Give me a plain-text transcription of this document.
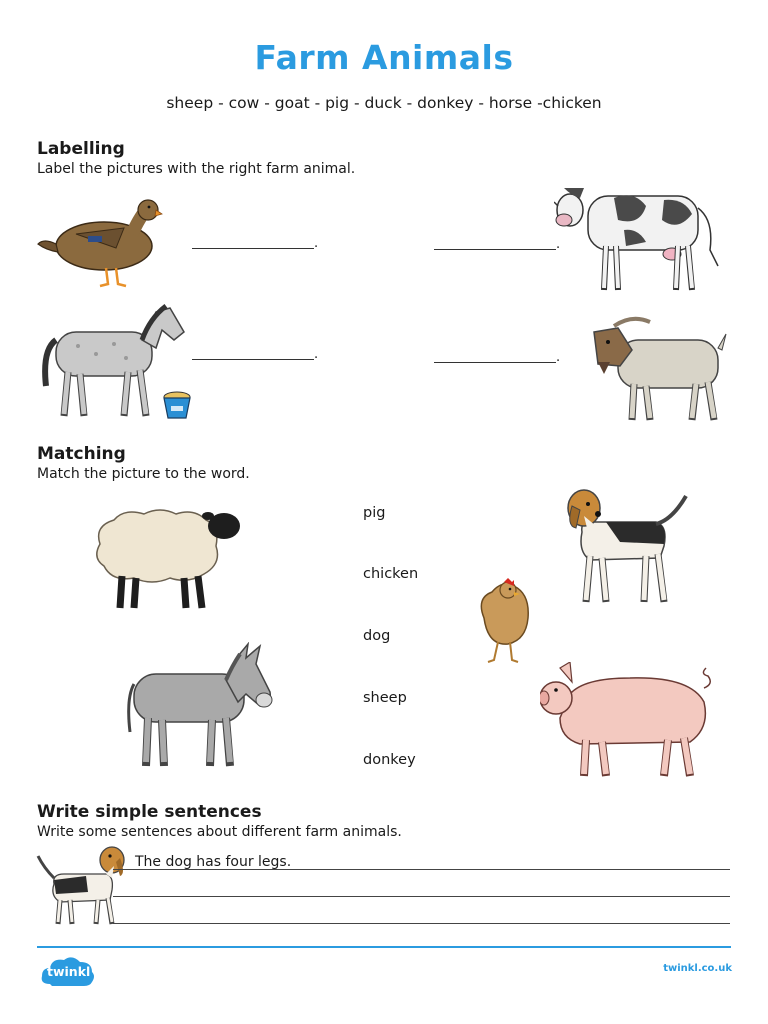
Farm Animals
sheep - cow - goat - pig - duck - donkey - horse -chicken
Labelling
Label the pictures with the right farm animal.
.	.
.	.
Matching
Match the picture to the word.
pig
chicken
dog
sheep
donkey
Write simple sentences
Write some sentences about different farm animals.
The dog has four legs.
twinkl	twinkl.co.uk
